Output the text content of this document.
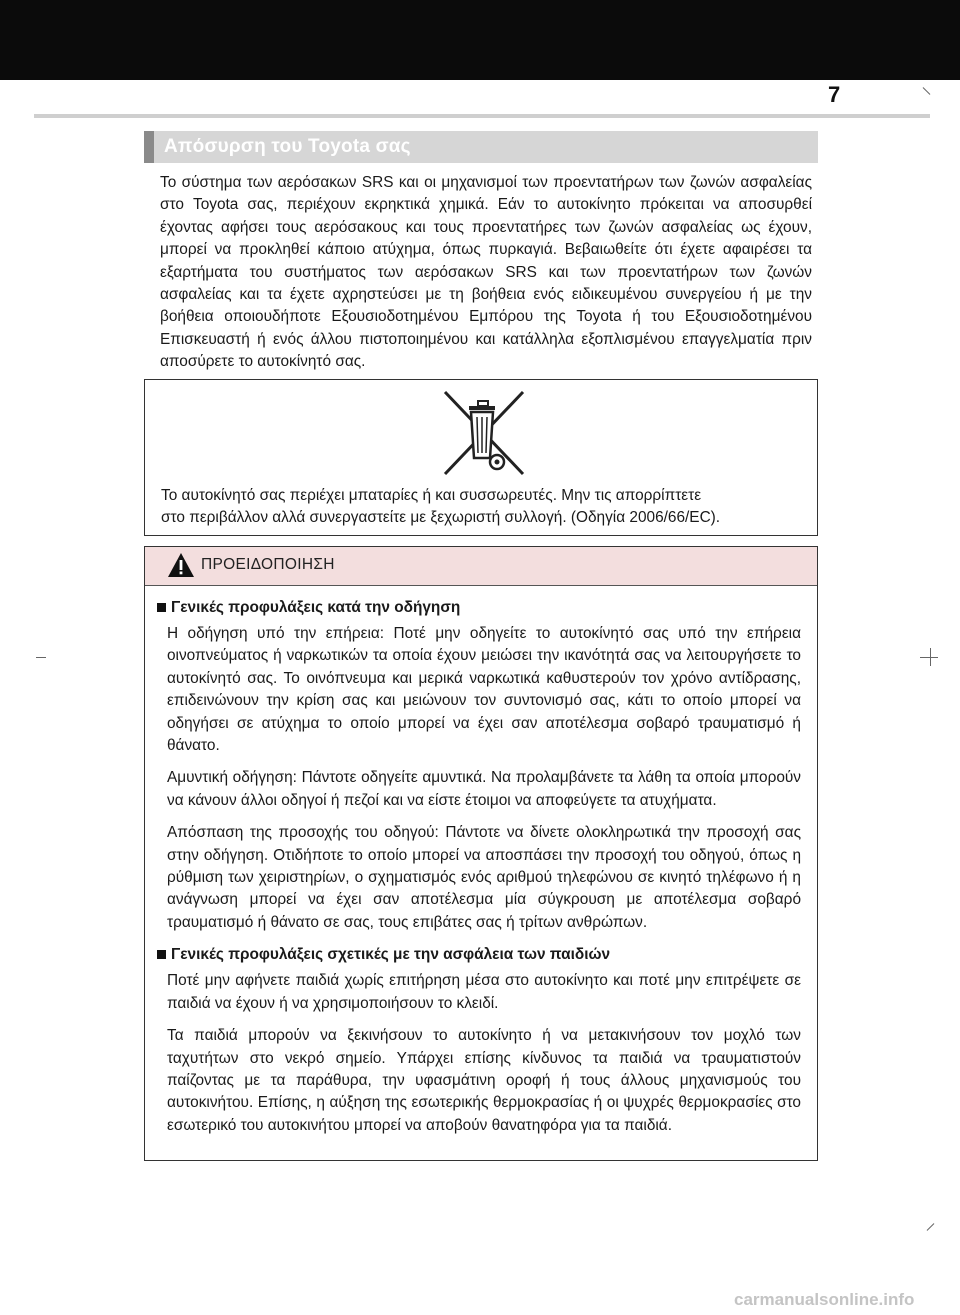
7
Απόσυρση του Toyota σας

Το σύστημα των αερόσακων SRS και οι μηχανισμοί των προεντατήρων των ζωνών ασφαλείας στο Toyota σας, περιέχουν εκρηκτικά χημικά. Εάν το αυτοκίνητο πρόκειται να αποσυρθεί έχοντας αφήσει τους αερόσακους και τους προεντατήρες των ζωνών ασφαλείας ως έχουν, μπορεί να προκληθεί κάποιο ατύχημα, όπως πυρκαγιά. Βεβαιωθείτε ότι έχετε αφαιρέσει τα εξαρτήματα του συστήματος των αερόσακων SRS και των προεντατήρων των ζωνών ασφαλείας και τα έχετε αχρηστεύσει με τη βοήθεια ενός ειδικευμένου συνεργείου ή με την βοήθεια οποιουδήποτε Εξουσιοδοτημένου Εμπόρου της Toyota ή του Εξουσιοδοτημένου Επισκευαστή ή ενός άλλου πιστοποιημένου και κατάλληλα εξοπλισμένου επαγγελματία πριν αποσύρετε το αυτοκίνητό σας.

Το αυτοκίνητό σας περιέχει μπαταρίες ή και συσσωρευτές. Μην τις απορρίπτετε
στο περιβάλλον αλλά συνεργαστείτε με ξεχωριστή συλλογή. (Οδηγία 2006/66/EC).

ΠΡΟΕΙΔΟΠΟΙΗΣΗ
Γενικές προφυλάξεις κατά την οδήγηση

Η οδήγηση υπό την επήρεια: Ποτέ μην οδηγείτε το αυτοκίνητό σας υπό την επήρεια οινοπνεύματος ή ναρκωτικών τα οποία έχουν μειώσει την ικανότητά σας να λειτουργήσετε το αυτοκίνητό σας. Το οινόπνευμα και μερικά ναρκωτικά καθυστερούν τον χρόνο αντίδρασης, επιδεινώνουν την κρίση σας και μειώνουν τον συντονισμό σας, κάτι το οποίο μπορεί να οδηγήσει σε ατύχημα το οποίο μπορεί να έχει σαν αποτέλεσμα σοβαρό τραυματισμό ή θάνατο.

Αμυντική οδήγηση: Πάντοτε οδηγείτε αμυντικά. Να προλαμβάνετε τα λάθη τα οποία μπορούν να κάνουν άλλοι οδηγοί ή πεζοί και να είστε έτοιμοι να αποφεύγετε τα ατυχήματα.

Απόσπαση της προσοχής του οδηγού: Πάντοτε να δίνετε ολοκληρωτικά την προσοχή σας στην οδήγηση. Οτιδήποτε το οποίο μπορεί να αποσπάσει την προσοχή του οδηγού, όπως η ρύθμιση των χειριστηρίων, ο σχηματισμός ενός αριθμού τηλεφώνου σε κινητό τηλέφωνο ή η ανάγνωση μπορεί να έχει σαν αποτέλεσμα μία σύγκρουση με αποτέλεσμα σοβαρό τραυματισμό ή θάνατο σε σας, τους επιβάτες σας ή τρίτων ανθρώπων.

Γενικές προφυλάξεις σχετικές με την ασφάλεια των παιδιών

Ποτέ μην αφήνετε παιδιά χωρίς επιτήρηση μέσα στο αυτοκίνητο και ποτέ μην επιτρέψετε σε παιδιά να έχουν ή να χρησιμοποιήσουν το κλειδί.

Τα παιδιά μπορούν να ξεκινήσουν το αυτοκίνητο ή να μετακινήσουν τον μοχλό των ταχυτήτων στο νεκρό σημείο. Υπάρχει επίσης κίνδυνος τα παιδιά να τραυματιστούν παίζοντας με τα παράθυρα, την υφασμάτινη οροφή ή τους άλλους μηχανισμούς του αυτοκινήτου. Επίσης, η αύξηση της εσωτερικής θερμοκρασίας ή οι ψυχρές θερμοκρασίες στο εσωτερικό του αυτοκινήτου μπορεί να αποβούν θανατηφόρα για τα παιδιά.

carmanualsonline.info
